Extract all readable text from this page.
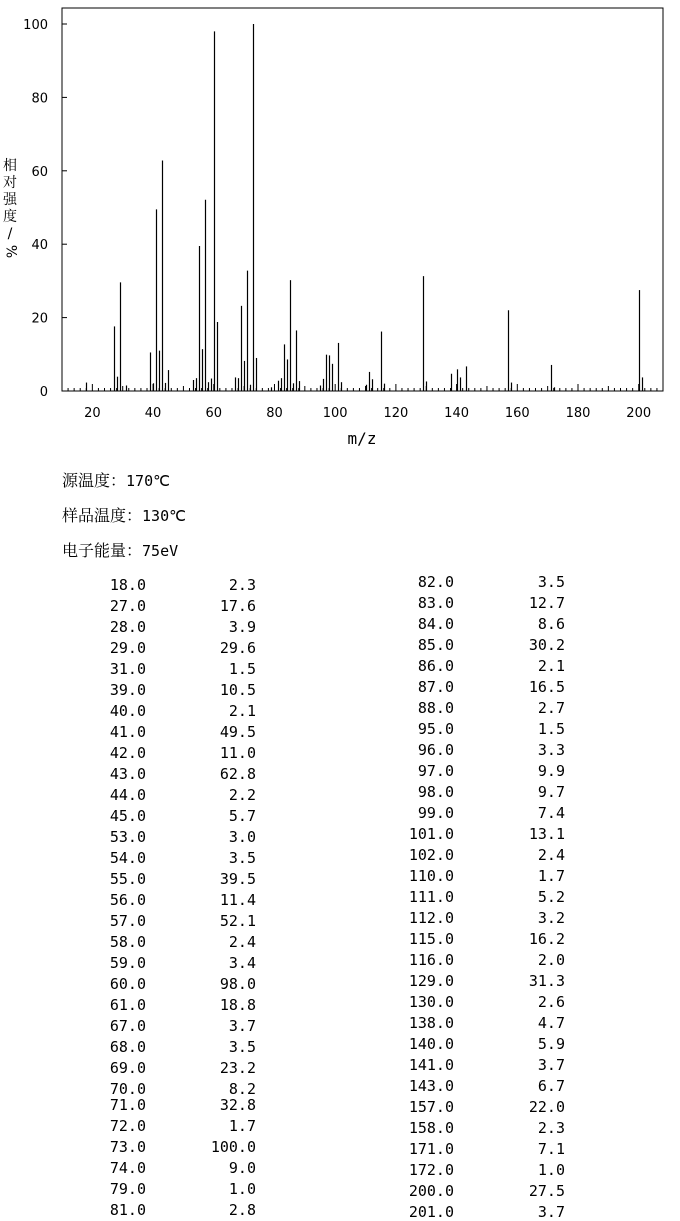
0
20
40
60
80
100
20	40	60	80	100	120	140	160	180	200
m/z
相
对
强
度
/
%
源温度：170℃
样品温度：130℃
电子能量：75eV
18.0	2.3
27.0	17.6
28.0	3.9
29.0	29.6
31.0	1.5
39.0	10.5
40.0	2.1
41.0	49.5
42.0	11.0
43.0	62.8
44.0	2.2
45.0	5.7
53.0	3.0
54.0	3.5
55.0	39.5
56.0	11.4
57.0	52.1
58.0	2.4
59.0	3.4
60.0	98.0
61.0	18.8
67.0	3.7
68.0	3.5
69.0	23.2
70.0	8.2
71.0	32.8
72.0	1.7
73.0	100.0
74.0	9.0
79.0	1.0
81.0	2.8
82.0	3.5
83.0	12.7
84.0	8.6
85.0	30.2
86.0	2.1
87.0	16.5
88.0	2.7
95.0	1.5
96.0	3.3
97.0	9.9
98.0	9.7
99.0	7.4
101.0	13.1
102.0	2.4
110.0	1.7
111.0	5.2
112.0	3.2
115.0	16.2
116.0	2.0
129.0	31.3
130.0	2.6
138.0	4.7
140.0	5.9
141.0	3.7
143.0	6.7
157.0	22.0
158.0	2.3
171.0	7.1
172.0	1.0
200.0	27.5
201.0	3.7
